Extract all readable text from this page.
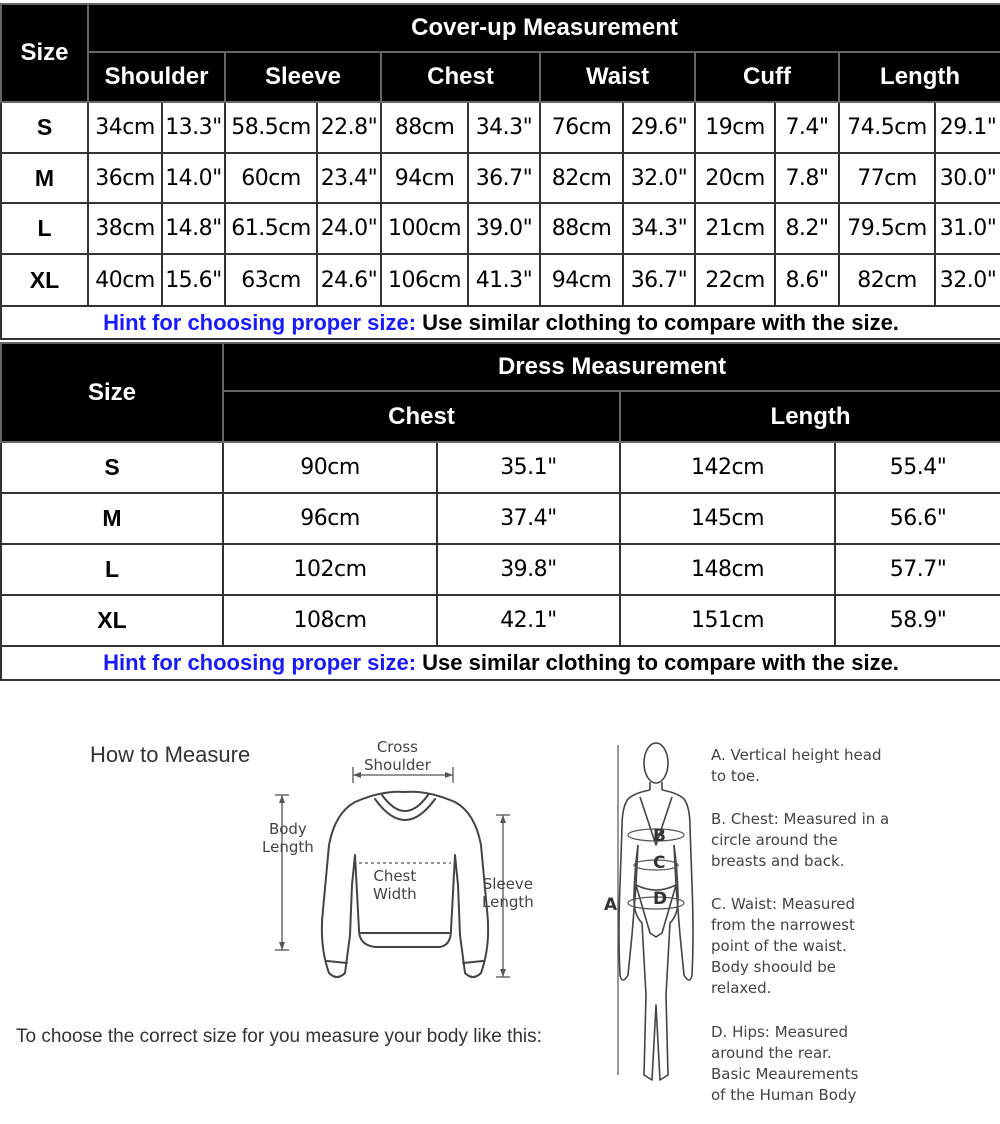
Size	Cover-up Measurement											
	Shoulder		Sleeve		Chest		Waist		Cuff		Length	
S	34cm	13.3"	58.5cm	22.8"	88cm	34.3"	76cm	29.6"	19cm	7.4"	74.5cm	29.1"
M	36cm	14.0"	60cm	23.4"	94cm	36.7"	82cm	32.0"	20cm	7.8"	77cm	30.0"
L	38cm	14.8"	61.5cm	24.0"	100cm	39.0"	88cm	34.3"	21cm	8.2"	79.5cm	31.0"
XL	40cm	15.6"	63cm	24.6"	106cm	41.3"	94cm	36.7"	22cm	8.6"	82cm	32.0"
Hint for choosing proper size: Use similar clothing to compare with the size.												
Size	Dress Measurement			
	Chest		Length	
S	90cm	35.1"	142cm	55.4"
M	96cm	37.4"	145cm	56.6"
L	102cm	39.8"	148cm	57.7"
XL	108cm	42.1"	151cm	58.9"
Hint for choosing proper size: Use similar clothing to compare with the size.				
How to Measure	Cross
Shoulder
Body
Length
Chest
Width
Sleeve
Length
To choose the correct size for you measure your body like this:
B
C
D
A
A. Vertical height head
to toe.
B. Chest: Measured in a
circle around the
breasts and back.
C. Waist: Measured
from the narrowest
point of the waist.
Body shoould be
relaxed.
D. Hips: Measured
around the rear.
Basic Meaurements
of the Human Body
